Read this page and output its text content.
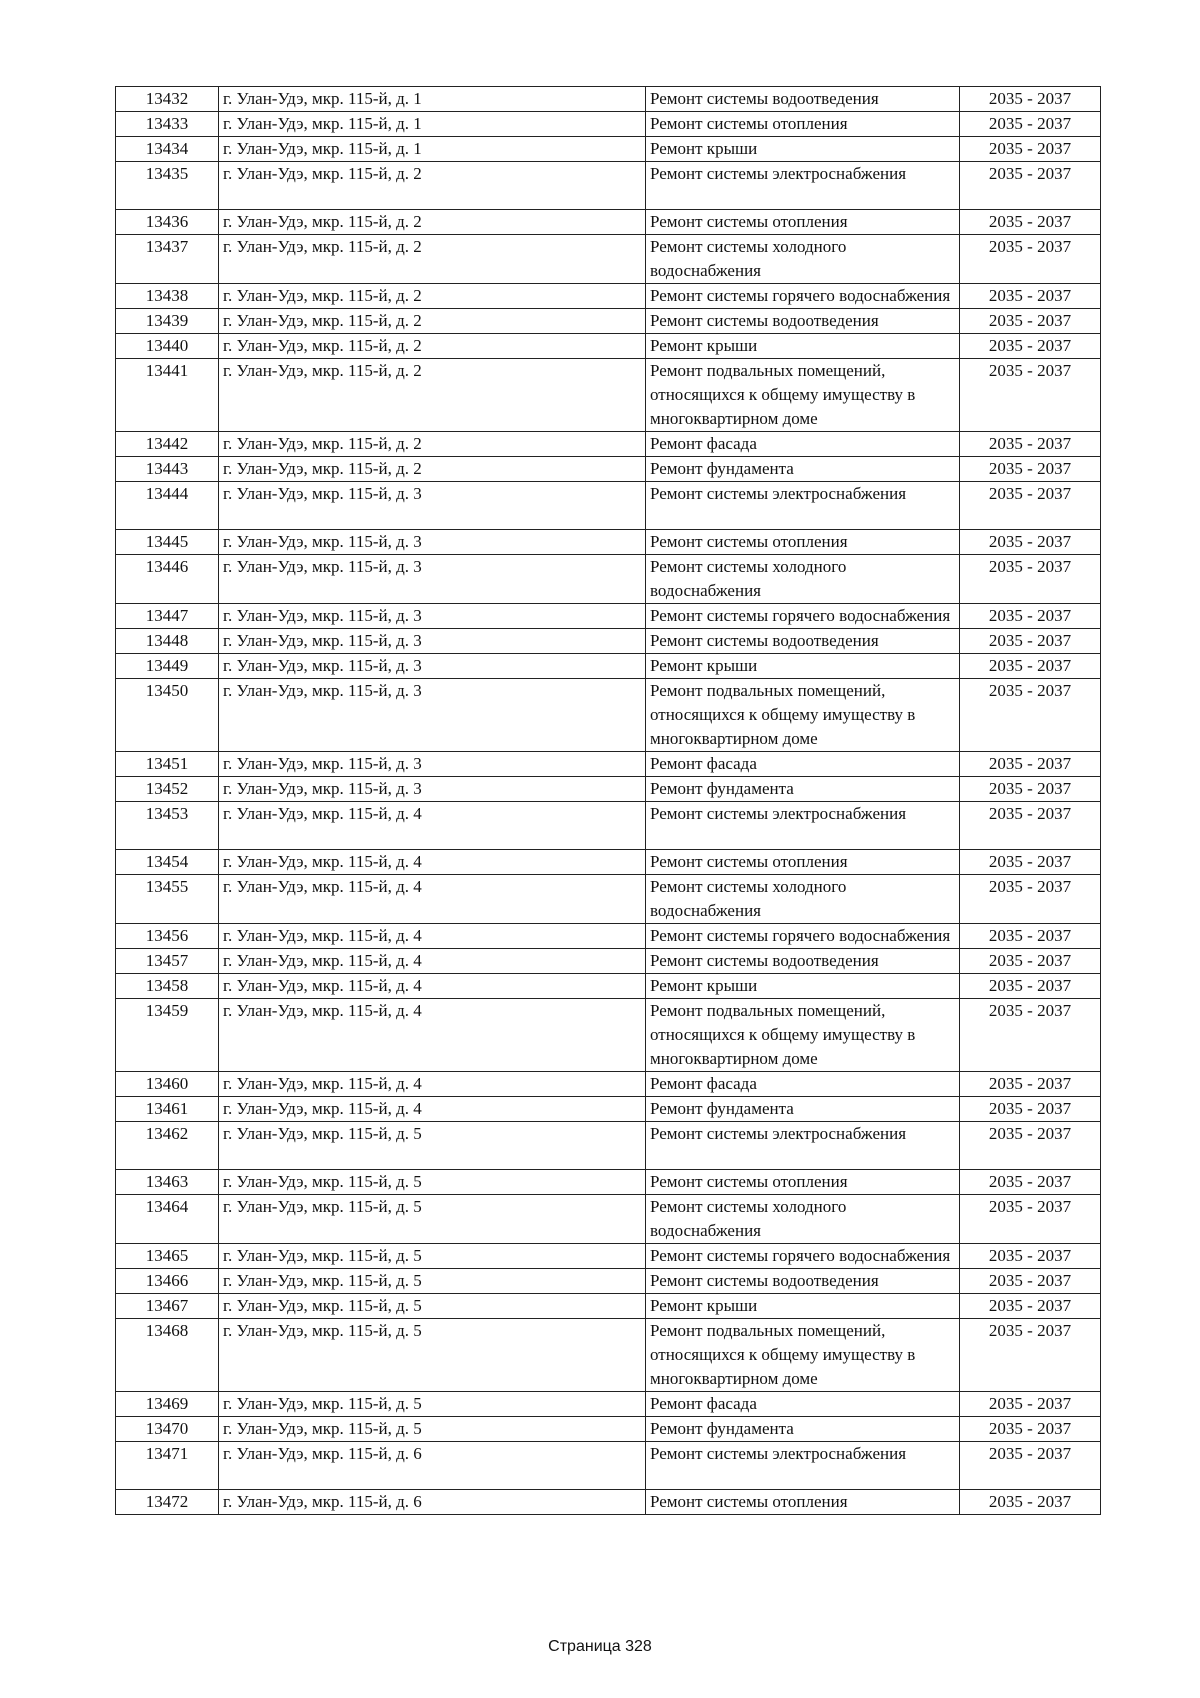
13432	г. Улан-Удэ, мкр. 115-й, д. 1	Ремонт системы водоотведения	2035 - 2037
13433	г. Улан-Удэ, мкр. 115-й, д. 1	Ремонт системы отопления	2035 - 2037
13434	г. Улан-Удэ, мкр. 115-й, д. 1	Ремонт крыши	2035 - 2037
13435	г. Улан-Удэ, мкр. 115-й, д. 2	Ремонт системы электроснабжения	2035 - 2037
13436	г. Улан-Удэ, мкр. 115-й, д. 2	Ремонт системы отопления	2035 - 2037
13437	г. Улан-Удэ, мкр. 115-й, д. 2	Ремонт системы холодного водоснабжения	2035 - 2037
13438	г. Улан-Удэ, мкр. 115-й, д. 2	Ремонт системы горячего водоснабжения	2035 - 2037
13439	г. Улан-Удэ, мкр. 115-й, д. 2	Ремонт системы водоотведения	2035 - 2037
13440	г. Улан-Удэ, мкр. 115-й, д. 2	Ремонт крыши	2035 - 2037
13441	г. Улан-Удэ, мкр. 115-й, д. 2	Ремонт подвальных помещений, относящихся к общему имуществу в многоквартирном доме	2035 - 2037
13442	г. Улан-Удэ, мкр. 115-й, д. 2	Ремонт фасада	2035 - 2037
13443	г. Улан-Удэ, мкр. 115-й, д. 2	Ремонт фундамента	2035 - 2037
13444	г. Улан-Удэ, мкр. 115-й, д. 3	Ремонт системы электроснабжения	2035 - 2037
13445	г. Улан-Удэ, мкр. 115-й, д. 3	Ремонт системы отопления	2035 - 2037
13446	г. Улан-Удэ, мкр. 115-й, д. 3	Ремонт системы холодного водоснабжения	2035 - 2037
13447	г. Улан-Удэ, мкр. 115-й, д. 3	Ремонт системы горячего водоснабжения	2035 - 2037
13448	г. Улан-Удэ, мкр. 115-й, д. 3	Ремонт системы водоотведения	2035 - 2037
13449	г. Улан-Удэ, мкр. 115-й, д. 3	Ремонт крыши	2035 - 2037
13450	г. Улан-Удэ, мкр. 115-й, д. 3	Ремонт подвальных помещений, относящихся к общему имуществу в многоквартирном доме	2035 - 2037
13451	г. Улан-Удэ, мкр. 115-й, д. 3	Ремонт фасада	2035 - 2037
13452	г. Улан-Удэ, мкр. 115-й, д. 3	Ремонт фундамента	2035 - 2037
13453	г. Улан-Удэ, мкр. 115-й, д. 4	Ремонт системы электроснабжения	2035 - 2037
13454	г. Улан-Удэ, мкр. 115-й, д. 4	Ремонт системы отопления	2035 - 2037
13455	г. Улан-Удэ, мкр. 115-й, д. 4	Ремонт системы холодного водоснабжения	2035 - 2037
13456	г. Улан-Удэ, мкр. 115-й, д. 4	Ремонт системы горячего водоснабжения	2035 - 2037
13457	г. Улан-Удэ, мкр. 115-й, д. 4	Ремонт системы водоотведения	2035 - 2037
13458	г. Улан-Удэ, мкр. 115-й, д. 4	Ремонт крыши	2035 - 2037
13459	г. Улан-Удэ, мкр. 115-й, д. 4	Ремонт подвальных помещений, относящихся к общему имуществу в многоквартирном доме	2035 - 2037
13460	г. Улан-Удэ, мкр. 115-й, д. 4	Ремонт фасада	2035 - 2037
13461	г. Улан-Удэ, мкр. 115-й, д. 4	Ремонт фундамента	2035 - 2037
13462	г. Улан-Удэ, мкр. 115-й, д. 5	Ремонт системы электроснабжения	2035 - 2037
13463	г. Улан-Удэ, мкр. 115-й, д. 5	Ремонт системы отопления	2035 - 2037
13464	г. Улан-Удэ, мкр. 115-й, д. 5	Ремонт системы холодного водоснабжения	2035 - 2037
13465	г. Улан-Удэ, мкр. 115-й, д. 5	Ремонт системы горячего водоснабжения	2035 - 2037
13466	г. Улан-Удэ, мкр. 115-й, д. 5	Ремонт системы водоотведения	2035 - 2037
13467	г. Улан-Удэ, мкр. 115-й, д. 5	Ремонт крыши	2035 - 2037
13468	г. Улан-Удэ, мкр. 115-й, д. 5	Ремонт подвальных помещений, относящихся к общему имуществу в многоквартирном доме	2035 - 2037
13469	г. Улан-Удэ, мкр. 115-й, д. 5	Ремонт фасада	2035 - 2037
13470	г. Улан-Удэ, мкр. 115-й, д. 5	Ремонт фундамента	2035 - 2037
13471	г. Улан-Удэ, мкр. 115-й, д. 6	Ремонт системы электроснабжения	2035 - 2037
13472	г. Улан-Удэ, мкр. 115-й, д. 6	Ремонт системы отопления	2035 - 2037
Страница 328
